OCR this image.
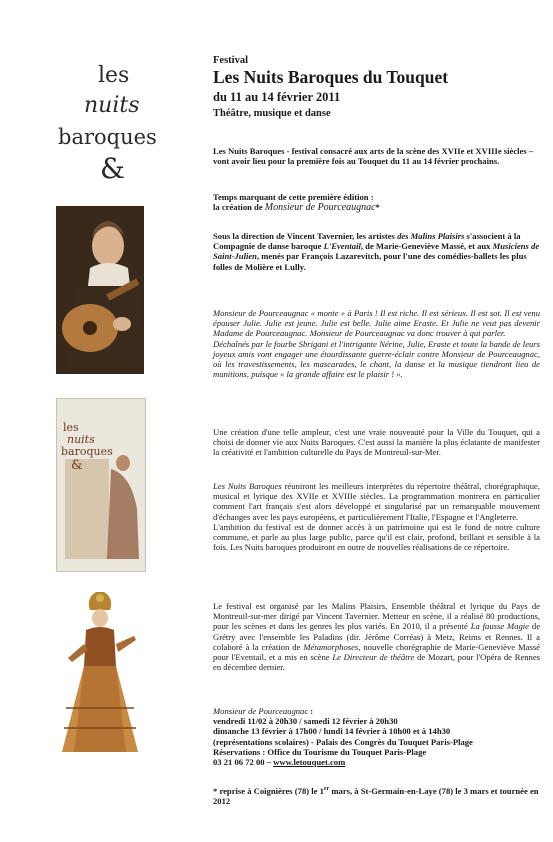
les
nuits
baroques
&
les
nuits
baroques
&
Festival
Les Nuits Baroques du Touquet
du 11 au 14 février 2011
Théâtre, musique et danse

Les Nuits Baroques - festival consacré aux arts de la scène des XVIIe et XVIIIe siècles – vont avoir lieu pour la première fois au Touquet du 11 au 14 février prochains.

Temps marquant de cette première édition :
la création de Monsieur de Pourceaugnac*

Sous la direction de Vincent Tavernier, les artistes des Malins Plaisirs s'associent à la Compagnie de danse baroque L'Eventail, de Marie-Geneviève Massé, et aux Musiciens de Saint-Julien, menés par François Lazarevitch, pour l'une des comédies-ballets les plus folles de Molière et Lully.

Monsieur de Pourceaugnac « monte » à Paris ! Il est riche. Il est sérieux. Il est sot. Il est venu épouser Julie. Julie est jeune. Julie est belle. Julie aime Eraste. Et Julie ne veut pas devenir Madame de Pourceaugnac. Monsieur de Pourceaugnac va donc trouver à qui parler.

Déchaînés par le fourbe Sbrigani et l'intrigante Nérine, Julie, Eraste et toute la bande de leurs joyeux amis vont engager une étourdissante guerre-éclair contre Monsieur de Pourceaugnac, où les travestissements, les mascarades, le chant, la danse et la musique tiendront lieu de munitions, puisque « la grande affaire est le plaisir ! ».

Une création d'une telle ampleur, c'est une vraie nouveauté pour la Ville du Touquet, qui a choisi de donner vie aux Nuits Baroques. C'est aussi la manière la plus éclatante de manifester la créativité et l'ambition culturelle du Pays de Montreuil-sur-Mer.

Les Nuits Baroques réuniront les meilleurs interprètes du répertoire théâtral, chorégraphique, musical et lyrique des XVIIe et XVIIIe siècles. La programmation montrera en particulier comment l'art français s'est alors développé et singularisé par un remarquable mouvement d'échanges avec les pays européens, et particulièrement l'Italie, l'Espagne et l'Angleterre.

L'ambition du festival est de donner accès à un patrimoine qui est le fond de notre culture commune, et parle au plus large public, parce qu'il est clair, profond, brillant et sensible à la fois. Les Nuits baroques produiront en outre de nouvelles réalisations de ce répertoire.

Le festival est organisé par les Malins Plaisirs, Ensemble théâtral et lyrique du Pays de Montreuil-sur-mer dirigé par Vincent Tavernier. Metteur en scène, il a réalisé 80 productions, pour les scènes et dans les genres les plus variés. En 2010, il a présenté La fausse Magie de Grétry avec l'ensemble les Paladins (dir. Jérôme Corréas) à Metz, Reims et Rennes. Il a colaboré à la création de Métamorphoses, nouvelle chorégraphie de Marie-Geneviève Massé pour l'Eventail, et a mis en scène Le Directeur de théâtre de Mozart, pour l'Opéra de Rennes en décembre dernier.

Monsieur de Pourceaugnac :
vendredi 11/02 à 20h30 / samedi 12 février à 20h30
dimanche 13 février à 17h00 / lundi 14 février à 10h00 et à 14h30
(représentations scolaires) - Palais des Congrès du Touquet Paris-Plage
Réservations : Office du Tourisme du Touquet Paris-Plage
03 21 06 72 00 – www.letouquet.com

* reprise à Coignières (78) le 1er mars, à St-Germain-en-Laye (78) le 3 mars et tournée en 2012
